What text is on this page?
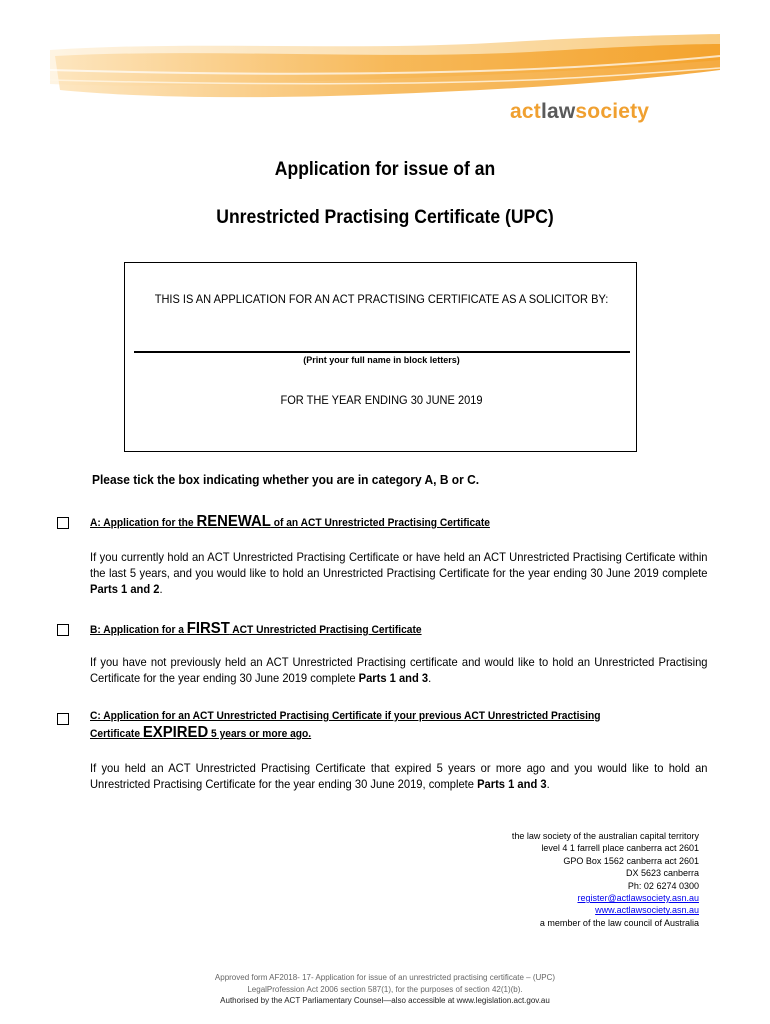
actlawsociety
Application for issue of an
Unrestricted Practising Certificate (UPC)
THIS IS AN APPLICATION FOR AN ACT PRACTISING CERTIFICATE AS A SOLICITOR BY:
(Print your full name in block letters)
FOR THE YEAR ENDING 30 JUNE 2019
Please tick the box indicating whether you are in category A, B or C.
A: Application for the RENEWAL of an ACT Unrestricted Practising Certificate
If you currently hold an ACT Unrestricted Practising Certificate or have held an ACT Unrestricted Practising Certificate within the last 5 years, and you would like to hold an Unrestricted Practising Certificate for the year ending 30 June 2019 complete Parts 1 and 2.
B: Application for a FIRST ACT Unrestricted Practising Certificate
If you have not previously held an ACT Unrestricted Practising certificate and would like to hold an Unrestricted Practising Certificate for the year ending 30 June 2019 complete Parts 1 and 3.
C: Application for an ACT Unrestricted Practising Certificate if your previous ACT Unrestricted Practising
Certificate EXPIRED 5 years or more ago.
If you held an ACT Unrestricted Practising Certificate that expired 5 years or more ago and you would like to hold an Unrestricted Practising Certificate for the year ending 30 June 2019, complete Parts 1 and 3.
the law society of the australian capital territory
level 4 1 farrell place canberra act 2601
GPO Box 1562 canberra act 2601
DX 5623 canberra
Ph: 02 6274 0300
register@actlawsociety.asn.au
www.actlawsociety.asn.au
a member of the law council of Australia
Approved form AF2018- 17- Application for issue of an unrestricted practising certificate – (UPC)
LegalProfession Act 2006 section 587(1), for the purposes of section 42(1)(b).
Authorised by the ACT Parliamentary Counsel—also accessible at www.legislation.act.gov.au
